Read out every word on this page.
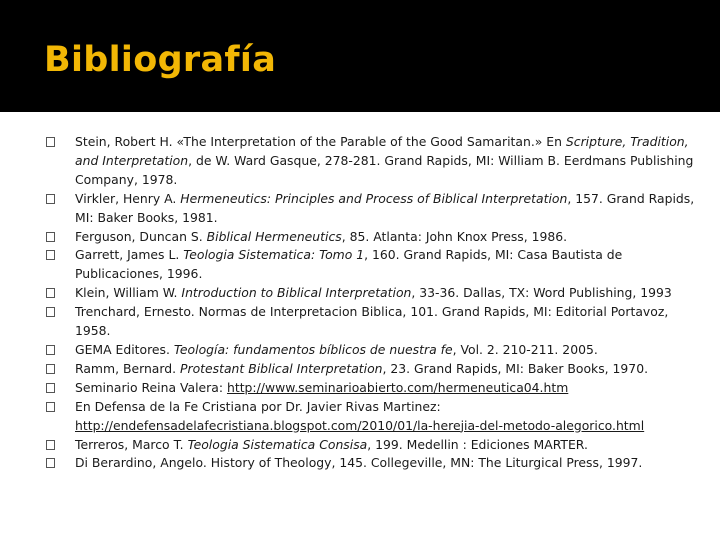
Bibliografía
Stein, Robert H. «The Interpretation of the Parable of the Good Samaritan.» En Scripture, Tradition, and Interpretation, de W. Ward Gasque, 278-281. Grand Rapids, MI: William B. Eerdmans Publishing Company, 1978.
Virkler, Henry A. Hermeneutics: Principles and Process of Biblical Interpretation, 157. Grand Rapids, MI: Baker Books, 1981.
Ferguson, Duncan S. Biblical Hermeneutics, 85. Atlanta: John Knox Press, 1986.
Garrett, James L. Teologia Sistematica: Tomo 1, 160. Grand Rapids, MI: Casa Bautista de Publicaciones, 1996.
Klein, William W. Introduction to Biblical Interpretation, 33-36. Dallas, TX: Word Publishing, 1993
Trenchard, Ernesto. Normas de Interpretacion Biblica, 101. Grand Rapids, MI: Editorial Portavoz, 1958.
GEMA Editores. Teología: fundamentos bíblicos de nuestra fe, Vol. 2. 210-211. 2005.
Ramm, Bernard. Protestant Biblical Interpretation, 23. Grand Rapids, MI: Baker Books, 1970.
Seminario Reina Valera: http://www.seminarioabierto.com/hermeneutica04.htm
En Defensa de la Fe Cristiana por Dr. Javier Rivas Martinez: http://endefensadelafecristiana.blogspot.com/2010/01/la-herejia-del-metodo-alegorico.html
Terreros, Marco T. Teologia Sistematica Consisa, 199. Medellin : Ediciones MARTER.
Di Berardino, Angelo. History of Theology, 145. Collegeville, MN: The Liturgical Press, 1997.
